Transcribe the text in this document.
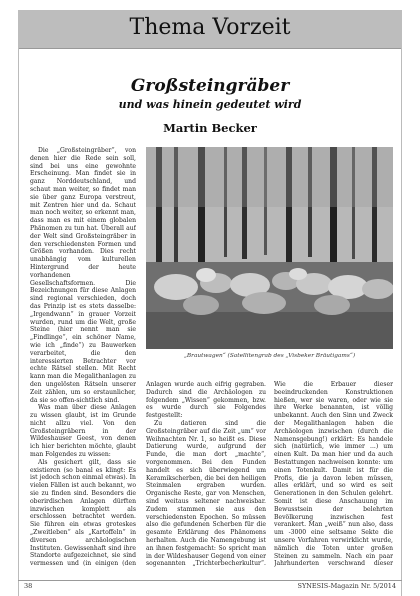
Thema Vorzeit
Großsteingräber
und was hinein gedeutet wird
Martin Becker

Die „Großsteingräber“, von denen hier die Rede sein soll, sind bei uns eine gewohnte Erscheinung. Man findet sie in ganz Norddeutschland, und schaut man weiter, so findet man sie über ganz Europa verstreut, mit Zentren hier und da. Schaut man noch weiter, so erkennt man, dass man es mit einem globalen Phänomen zu tun hat. Überall auf der Welt sind Großsteingräber in den verschiedensten Formen und Größen vorhanden. Dies recht unabhängig vom kulturellen Hintergrund der heute vorhandenen Gesellschaftsformen. Die Bezeichnungen für diese Anlagen sind regional verschieden, doch das Prinzip ist es stets dasselbe: „Irgendwann“ in grauer Vorzeit wurden, rund um die Welt, große Steine (hier nennt man sie „Findlinge“, ein schöner Name, wie ich „finde“) zu Bauwerken verarbeitet, die den interessierten Betrachter vor echte Rätsel stellen. Mit Recht kann man die Megalithanlagen zu den ungelösten Rätseln unserer Zeit zählen, um so erstaunlicher, da sie so offen-sichtlich sind.

Was man über diese Anlagen zu wissen glaubt, ist im Grunde nicht allzu viel. Von den Großsteingräbern in der Wildeshauser Geest, von denen ich hier berichten möchte, glaubt man Folgendes zu wissen:

Als gesichert gilt, dass sie existieren (so banal es klingt: Es ist jedoch schon einmal etwas). In vielen Fällen ist auch bekannt, wo sie zu finden sind. Besonders die oberirdischen Anlagen dürften inzwischen komplett als erschlossen betrachtet werden. Sie führen ein etwas groteskes „Zweitleben“ als „Kartoffeln“ in diversen archäologischen Instituten. Gewissenhaft sind ihre Standorte aufgezeichnet, sie sind vermessen und (in einigen (den

„Brautwagen“ (Satellitengrab des „Visbeker Bräutigams“)

Anlagen wurde auch eifrig gegraben. Dadurch sind die Archäologen zu folgendem „Wissen“ gekommen, bzw. es wurde durch sie Folgendes festgestellt:

Zu datieren sind die Großsteingräber auf die Zeit „um“ vor Weihnachten Nr. 1, so heißt es. Diese Datierung wurde, aufgrund der Funde, die man dort „machte“, vorgenommen. Bei den Funden handelt es sich überwiegend um Keramikscherben, die bei den heiligen Steinmalen ergraben wurden. Organische Reste, gar von Menschen, sind weitaus seltener nachweisbar. Zudem stammen sie aus den verschiedensten Epochen. So müssen also die gefundenen Scherben für die gesamte Erklärung des Phänomens herhalten. Auch die Namengebung ist an ihnen festgemacht: So spricht man in der Wildeshauser Gegend von einer sogenannten „Trichterbecherkultur“.

Wie die Erbauer dieser beeindruckenden Konstruktionen hießen, wer sie waren, oder wie sie ihre Werke benannten, ist völlig unbekannt. Auch den Sinn und Zweck der Megalithanlagen haben die Archäologen inzwischen (durch die Namensgebung!) erklärt: Es handele sich (natürlich, wie immer ...) um einen Kult. Da man hier und da auch Bestattungen nachweisen konnte: um einen Totenkult. Damit ist für die Profis, die ja davon leben müssen, alles erklärt, und so wird es seit Generationen in den Schulen gelehrt. Somit ist diese Anschauung im Bewusstsein der belehrten Bevölkerung inzwischen fest verankert. Man „weiß“ nun also, dass um -3000 eine seltsame Sekte die unsere Vorfahren verwirklicht wurde, nämlich die Toten unter großen Steinen zu sammeln. Nach ein paar Jahrhunderten verschwand dieser

38	SYNESIS-Magazin Nr. 5/2014
